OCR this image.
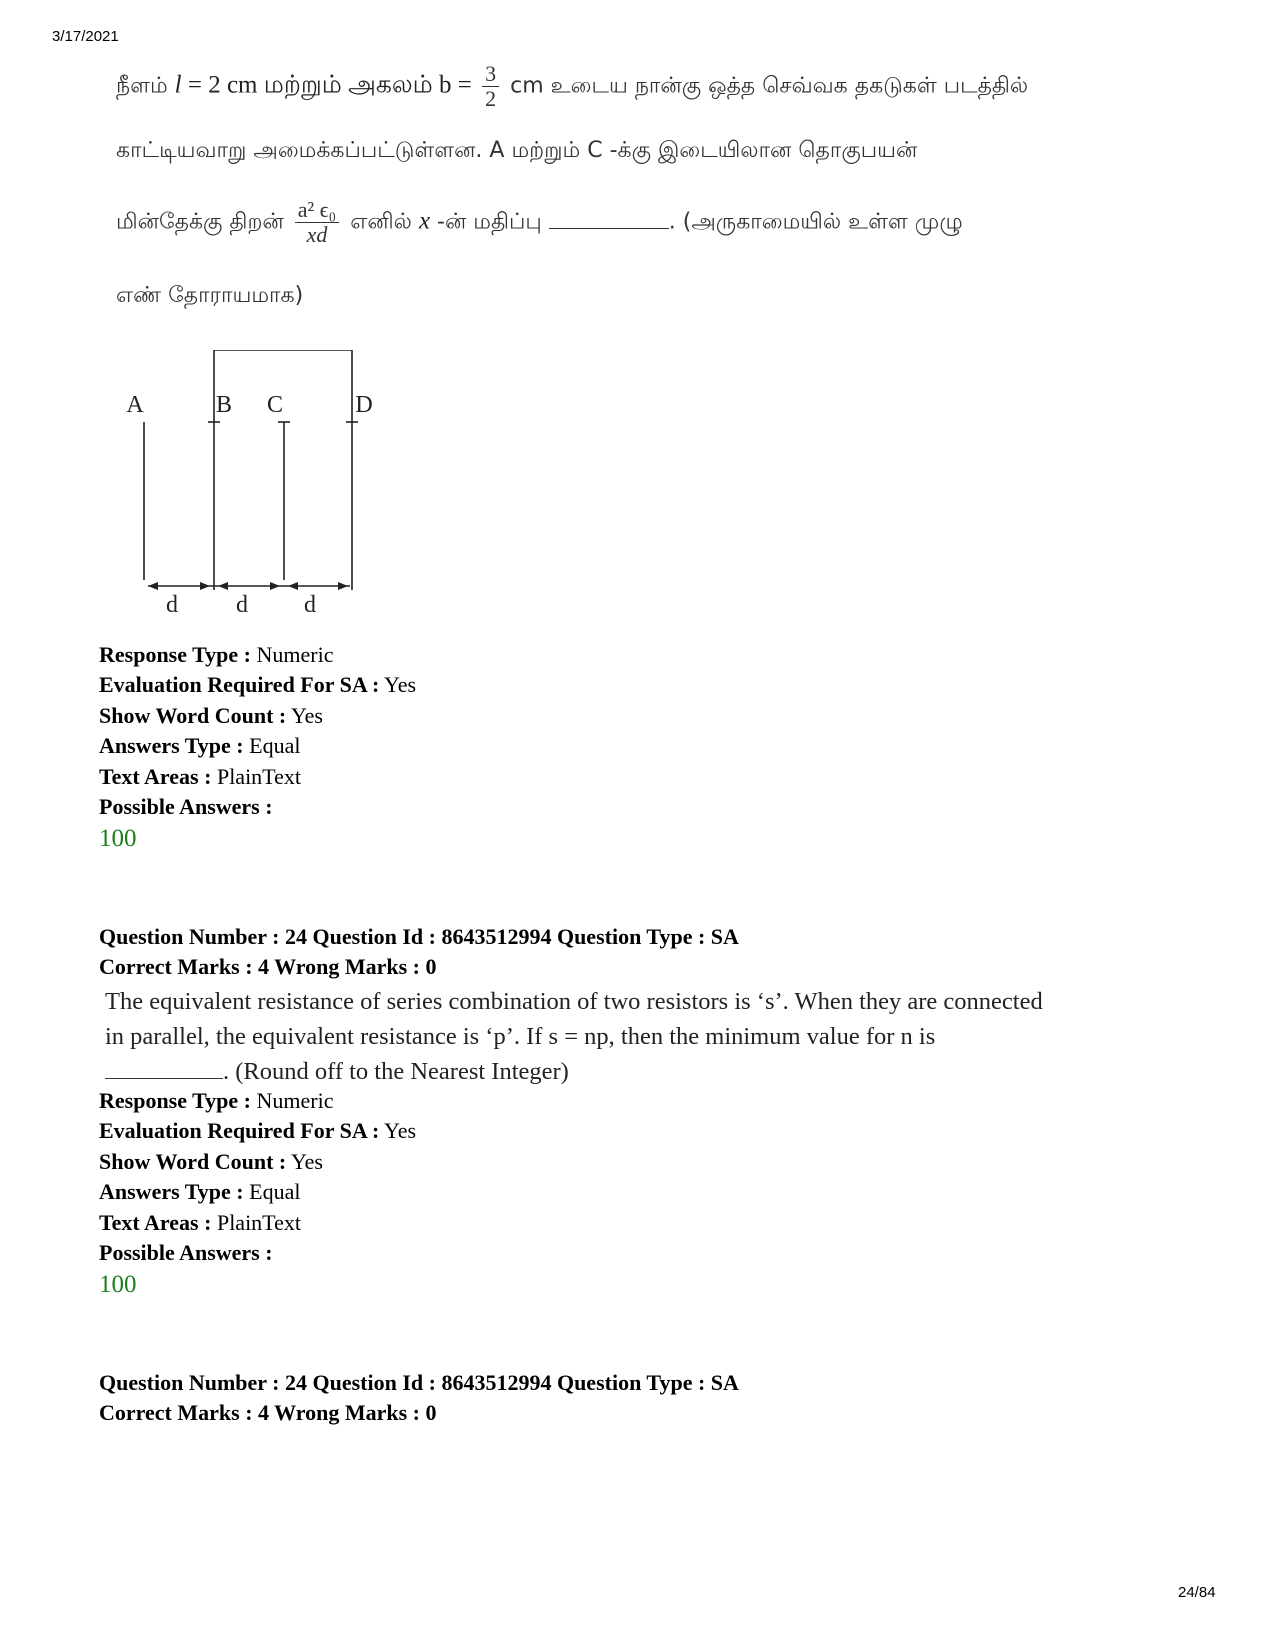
3/17/2021
நீளம் l = 2 cm மற்றும் அகலம் $b = \frac{3}{2}$ cm உடைய நான்கு ஒத்த செவ்வக தகடுகள் படத்தில்
காட்டியவாறு அமைக்கப்பட்டுள்ளன. A மற்றும் C -க்கு இடையிலான தொகுபயன்
மின்தேக்கு திறன் $\frac{\text{a² ϵ₀}}{xd}$ எனில் x -ன் மதிப்பு	. (அருகாமையில் உள்ள முழு
எண் தோராயமாக)
A	B C	D
d d d
Response Type : Numeric
Evaluation Required For SA : Yes
Show Word Count : Yes
Answers Type : Equal
Text Areas : PlainText
Possible Answers :
100
Question Number : 24 Question Id : 8643512994 Question Type : SA
Correct Marks : 4 Wrong Marks : 0
The equivalent resistance of series combination of two resistors is ‘s’. When they are connected
in parallel, the equivalent resistance is ‘p’. If s = np, then the minimum value for n is
. (Round off to the Nearest Integer)
Response Type : Numeric
Evaluation Required For SA : Yes
Show Word Count : Yes
Answers Type : Equal
Text Areas : PlainText
Possible Answers :
100
Question Number : 24 Question Id : 8643512994 Question Type : SA
Correct Marks : 4 Wrong Marks : 0
24/84
